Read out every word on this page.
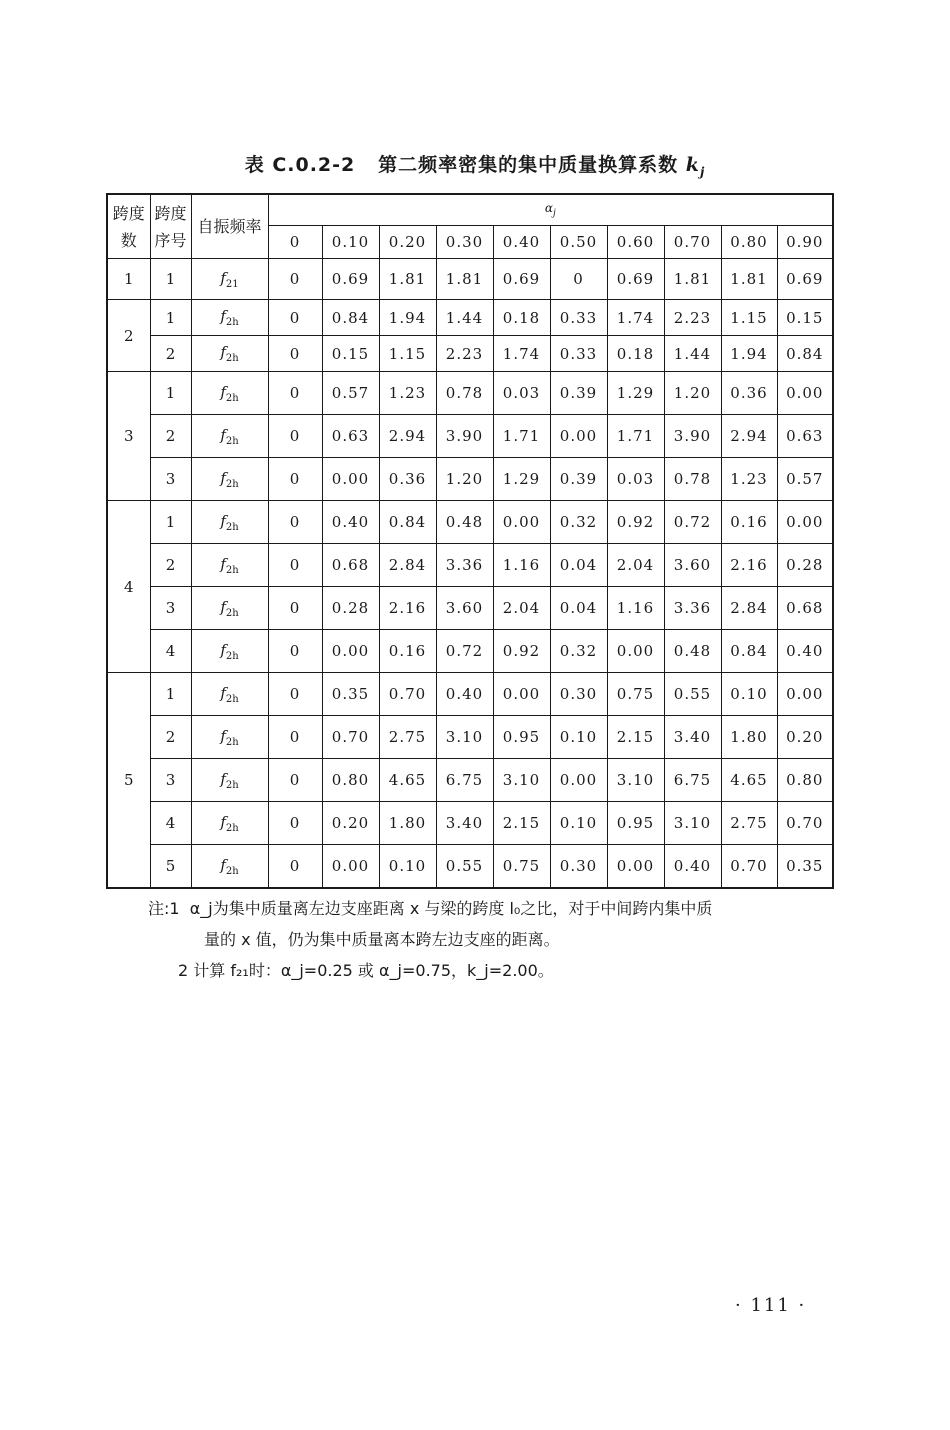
表 C.0.2-2 第二频率密集的集中质量换算系数 $k_j$
跨度数	跨度序号	自振频率	$\alpha_j$
			0	0.10	0.20	0.30	0.40	0.50	0.60	0.70	0.80	0.90
1	1	$f_{21}$	0	0.69	1.81	1.81	0.69	0	0.69	1.81	1.81	0.69
2	1	$f_{2h}$	0	0.84	1.94	1.44	0.18	0.33	1.74	2.23	1.15	0.15
	2	$f_{2h}$	0	0.15	1.15	2.23	1.74	0.33	0.18	1.44	1.94	0.84
3	1	$f_{2h}$	0	0.57	1.23	0.78	0.03	0.39	1.29	1.20	0.36	0.00
	2	$f_{2h}$	0	0.63	2.94	3.90	1.71	0.00	1.71	3.90	2.94	0.63
	3	$f_{2h}$	0	0.00	0.36	1.20	1.29	0.39	0.03	0.78	1.23	0.57
4	1	$f_{2h}$	0	0.40	0.84	0.48	0.00	0.32	0.92	0.72	0.16	0.00
	2	$f_{2h}$	0	0.68	2.84	3.36	1.16	0.04	2.04	3.60	2.16	0.28
	3	$f_{2h}$	0	0.28	2.16	3.60	2.04	0.04	1.16	3.36	2.84	0.68
	4	$f_{2h}$	0	0.00	0.16	0.72	0.92	0.32	0.00	0.48	0.84	0.40
5	1	$f_{2h}$	0	0.35	0.70	0.40	0.00	0.30	0.75	0.55	0.10	0.00
	2	$f_{2h}$	0	0.70	2.75	3.10	0.95	0.10	2.15	3.40	1.80	0.20
	3	$f_{2h}$	0	0.80	4.65	6.75	3.10	0.00	3.10	6.75	4.65	0.80
	4	$f_{2h}$	0	0.20	1.80	3.40	2.15	0.10	0.95	3.10	2.75	0.70
	5	$f_{2h}$	0	0.00	0.10	0.55	0.75	0.30	0.00	0.40	0.70	0.35
注:1 α_j为集中质量离左边支座距离 x 与梁的跨度 l₀之比，对于中间跨内集中质
量的 x 值，仍为集中质量离本跨左边支座的距离。
2 计算 f₂₁时：α_j=0.25 或 α_j=0.75，k_j=2.00。
· 111 ·
